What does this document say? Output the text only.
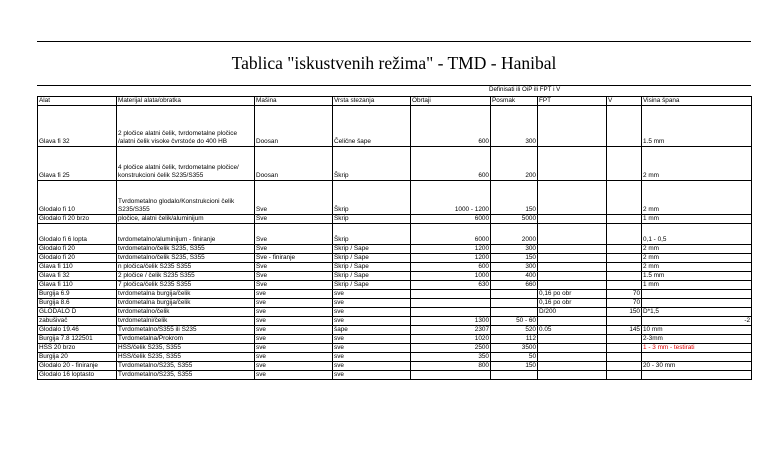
Tablica "iskustvenih režima" - TMD - Hanibal
Definisati ili OiP ili FPT i V
Alat	Materijal alata/obratka	Mašina	Vrsta stezanja	Obrtaji	Posmak	FPT	V	Visina špana
Glava fi 32	2 pločice alatni čelik, tvrdometalne pločice
/alatni čelik visoke čvrstoće do 400 HB	Doosan	Čelične šape	600	300			1.5 mm
Glava fi 25	4 pločice alatni čelik, tvrdometalne pločice/
konstrukcioni čelik S235/S355	Doosan	Škrip	600	200			2 mm
Glodalo fi 10	Tvrdometalno glodalo/Konstrukcioni čelik
S235/S355	Sve	Škrip	1000 - 1200	150			2 mm
Glodalo fi 20 brzo	pločice, alatni čelik/aluminijum	Sve	Škrip	6000	5000			1 mm
Glodalo fi 6 lopta	tvrdometalno/aluminijum - finiranje	Sve	Škrip	6000	2000			0,1 - 0,5
Glodalo fi 20	tvrdometalno/čelik S235, S355	Sve	Škrip / Šape	1200	300			2 mm
Glodalo fi 20	tvrdometalno/čelik S235, S355	Sve - finiranje	Škrip / Šape	1200	150			2 mm
Glava fi 110	n pločica/čelik S235 S355	Sve	Škrip / Šape	600	300			2 mm
Glava fi 32	2 pločice / čelik S235 S355	Sve	Škrip / Šape	1000	400			1.5 mm
Glava fi 110	7 pločica/čelik S235 S355	Sve	Škrip / Šape	630	660			1 mm
Burgija 6.9	tvrdometalna burgija/čelik	sve	sve			0,16 po obr	70	
Burgija 8.6	tvrdometalna burgija/čelik	sve	sve			0,16 po obr	70	
GLODALO D	tvrdometalno/čelik	sve	sve			D/200	150	D*1,5
zabušivač	tvrdometalni/čelik	sve	sve	1300	50 - 60			-2
Glodalo 19.46	Tvrdometalno/S355 ili S235	sve	šape	2307	520	0.05	145	10 mm
Burgija 7.8 122501	Tvrdometalna/Prokrom	sve	sve	1020	112			2-3mm
HSS 20 brzo	HSS/čelik S235, S355	sve	sve	2500	3500			1 - 3 mm - testirati
Burgija 20	HSS/čelik S235, S355	sve	sve	350	50			
Glodalo 20 - finiranje	Tvrdometalno/S235, S355	sve	sve	800	150			20 - 30 mm
Glodalo 16 loptasto	Tvrdometalno/S235, S355	sve	sve					
